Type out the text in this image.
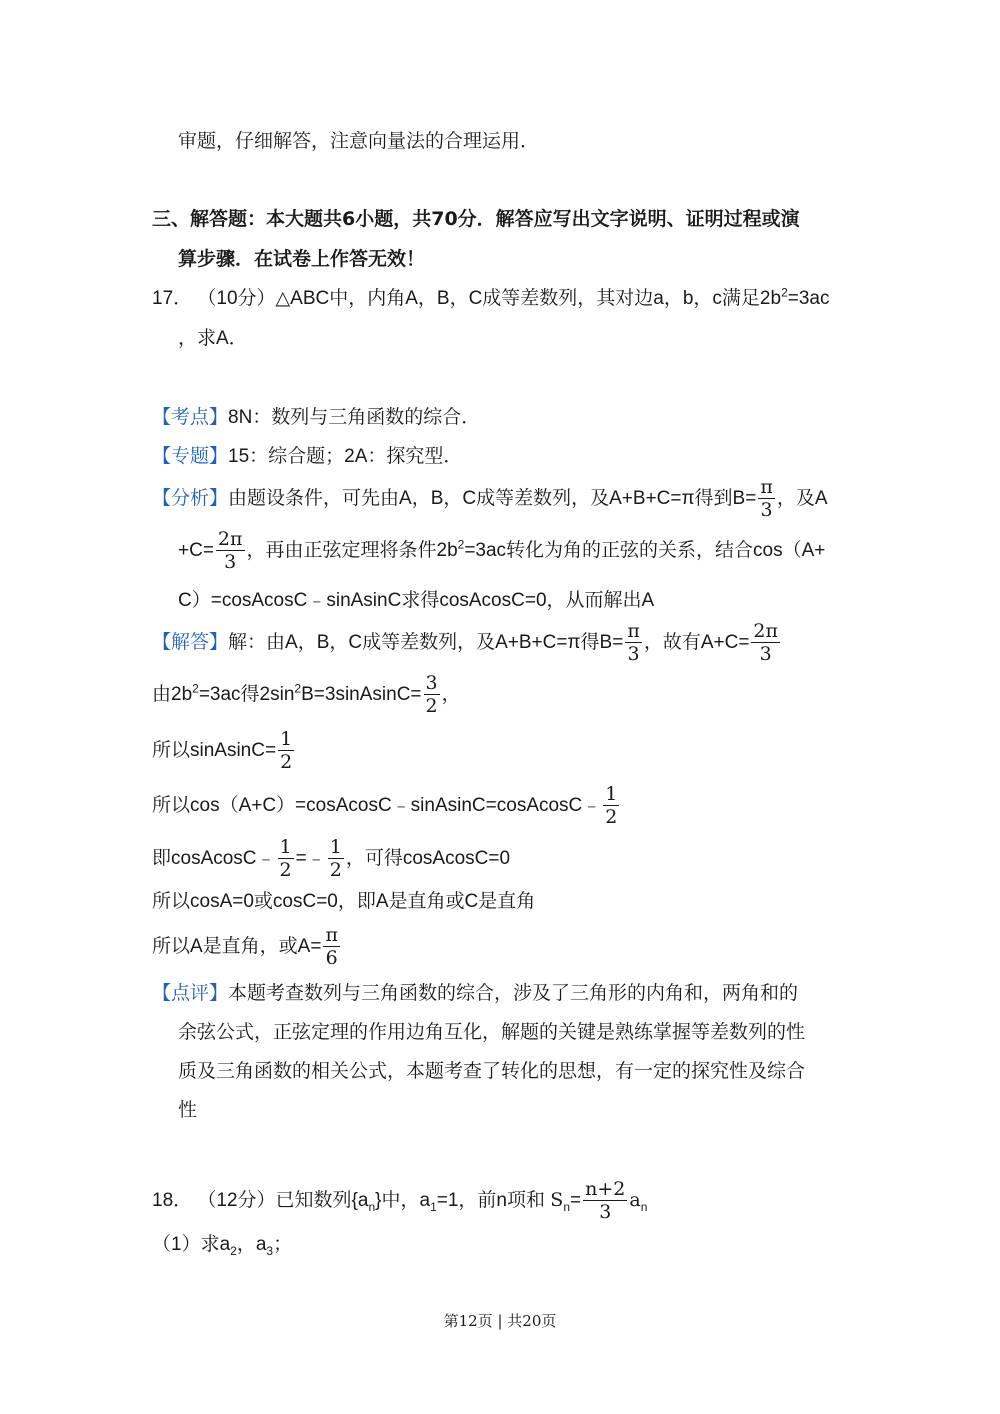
审题，仔细解答，注意向量法的合理运用．
三、解答题：本大题共6小题，共70分．解答应写出文字说明、证明过程或演
算步骤．在试卷上作答无效！
17． （10分）△ABC中，内角A，B，C成等差数列，其对边a，b，c满足$2b^2=3ac$
，求A．
【考点】8N：数列与三角函数的综合．
【专题】15：综合题；2A：探究型．
【分析】由题设条件，可先由A，B，C成等差数列，及A+B+C=π得到$B= \frac{\pi}{3}$ ，及A
$+C= \frac{2\pi}{3}$ ，再由正弦定理将条件$2b^2=3ac$转化为角的正弦的关系，结合cos（A+
C）=cosAcosC﹣sinAsinC求得cosAcosC=0，从而解出A
【解答】解：由A，B，C成等差数列，及A+B+C=π得$B= \frac{\pi}{3}$ ，故有$A+C= \frac{2\pi}{3}$
由$2b^2=3ac$得$2\sin^2B=3sinAsinC= \frac{3}{2}$ ，
所以sinAsinC= $\frac{1}{2}$
所以cos（A+C）=cosAcosC﹣sinAsinC=cosAcosC﹣ $\frac{1}{2}$
即cosAcosC﹣ $\frac{1}{2}$ =﹣ $\frac{1}{2}$ ，可得cosAcosC=0
所以cosA=0或cosC=0，即A是直角或C是直角
所以A是直角，或$A= \frac{\pi}{6}$
【点评】本题考查数列与三角函数的综合，涉及了三角形的内角和，两角和的
余弦公式，正弦定理的作用边角互化，解题的关键是熟练掌握等差数列的性
质及三角函数的相关公式，本题考查了转化的思想，有一定的探究性及综合
性
18． （12分）已知数列$\{a_n\}$中，$a_1=1$，前n项和 $S_n= \frac{n+2}{3} a_n$
（1）求$a_2$，$a_3$；
第12页 | 共20页
